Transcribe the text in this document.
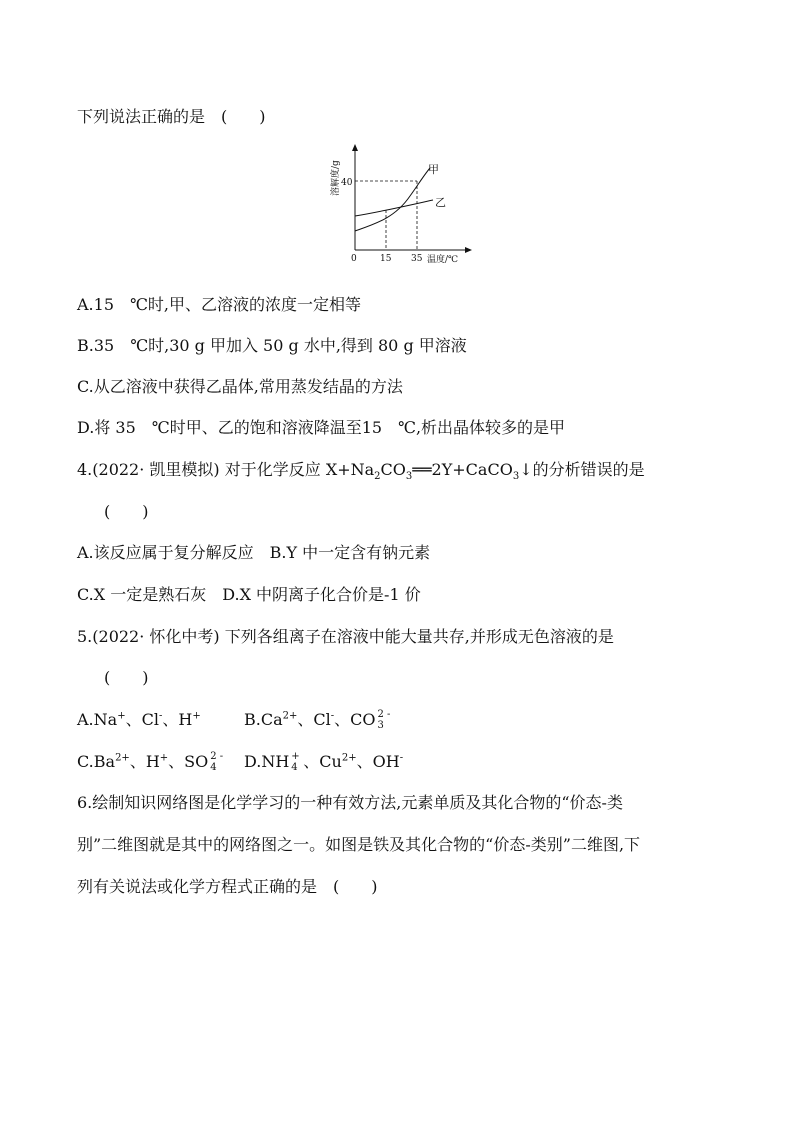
下列说法正确的是　(　　)
溶解度/g 40
0	15 35 温度/℃
甲
乙
A.15　℃时,甲、乙溶液的浓度一定相等
B.35　℃时,30 g 甲加入 50 g 水中,得到 80 g 甲溶液
C.从乙溶液中获得乙晶体,常用蒸发结晶的方法
D.将 35　℃时甲、乙的饱和溶液降温至15　℃,析出晶体较多的是甲
4.(2022· 凯里模拟) 对于化学反应 $X+Na_2CO_3══2Y+CaCO_3↓$的分析错误的是
(　　)
A.该反应属于复分解反应　B.Y 中一定含有钠元素
C.X 一定是熟石灰　D.X 中阴离子化合价是-1 价
5.(2022· 怀化中考) 下列各组离子在溶液中能大量共存,并形成无色溶液的是
(　　)
A.Na+、Cl-、H+	$B.Ca^{2+}$、Cl-、CO 2 -
3
$C.Ba^{2+}$、H+、SO 2 -
4 D.NH +
4 、$Cu^{2+}$、OH-
6.绘制知识网络图是化学学习的一种有效方法,元素单质及其化合物的“价态-类
别”二维图就是其中的网络图之一。如图是铁及其化合物的“价态-类别”二维图,下
列有关说法或化学方程式正确的是　(　　)
